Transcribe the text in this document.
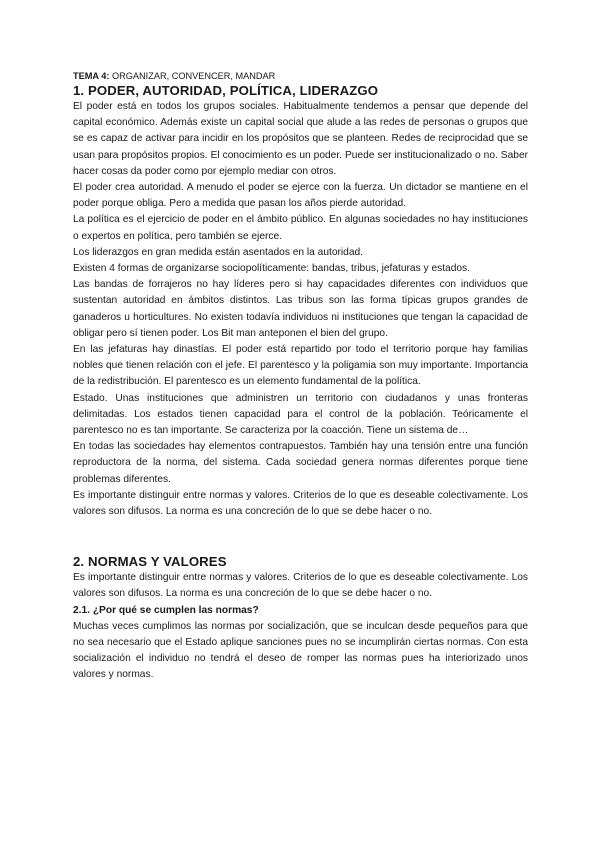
TEMA 4: ORGANIZAR, CONVENCER, MANDAR
1. PODER, AUTORIDAD, POLÍTICA, LIDERAZGO

El poder está en todos los grupos sociales. Habitualmente tendemos a pensar que depende del capital económico. Además existe un capital social que alude a las redes de personas o grupos que se es capaz de activar para incidir en los propósitos que se planteen. Redes de reciprocidad que se usan para propósitos propios. El conocimiento es un poder. Puede ser institucionalizado o no. Saber hacer cosas da poder como por ejemplo mediar con otros.

El poder crea autoridad. A menudo el poder se ejerce con la fuerza. Un dictador se mantiene en el poder porque obliga. Pero a medida que pasan los años pierde autoridad.

La política es el ejercicio de poder en el ámbito público. En algunas sociedades no hay instituciones o expertos en política, pero también se ejerce.

Los liderazgos en gran medida están asentados en la autoridad.

Existen 4 formas de organizarse sociopolíticamente: bandas, tribus, jefaturas y estados.

Las bandas de forrajeros no hay líderes pero si hay capacidades diferentes con individuos que sustentan autoridad en ámbitos distintos. Las tribus son las forma típicas grupos grandes de ganaderos u horticultures. No existen todavía individuos ni instituciones que tengan la capacidad de obligar pero sí tienen poder. Los Bit man anteponen el bien del grupo.

En las jefaturas hay dinastías. El poder está repartido por todo el territorio porque hay familias nobles que tienen relación con el jefe. El parentesco y la poligamia son muy importante. Importancia de la redistribución. El parentesco es un elemento fundamental de la política.

Estado. Unas instituciones que administren un territorio con ciudadanos y unas fronteras delimitadas. Los estados tienen capacidad para el control de la población. Teóricamente el parentesco no es tan importante. Se caracteriza por la coacción. Tiene un sistema de…

En todas las sociedades hay elementos contrapuestos. También hay una tensión entre una función reproductora de la norma, del sistema. Cada sociedad genera normas diferentes porque tiene problemas diferentes.

Es importante distinguir entre normas y valores. Criterios de lo que es deseable colectivamente. Los valores son difusos. La norma es una concreción de lo que se debe hacer o no.

2. NORMAS Y VALORES

Es importante distinguir entre normas y valores. Criterios de lo que es deseable colectivamente. Los valores son difusos. La norma es una concreción de lo que se debe hacer o no.

2.1. ¿Por qué se cumplen las normas?

Muchas veces cumplimos las normas por socialización, que se inculcan desde pequeños para que no sea necesario que el Estado aplique sanciones pues no se incumplirán ciertas normas. Con esta socialización el individuo no tendrá el deseo de romper las normas pues ha interiorizado unos valores y normas.
